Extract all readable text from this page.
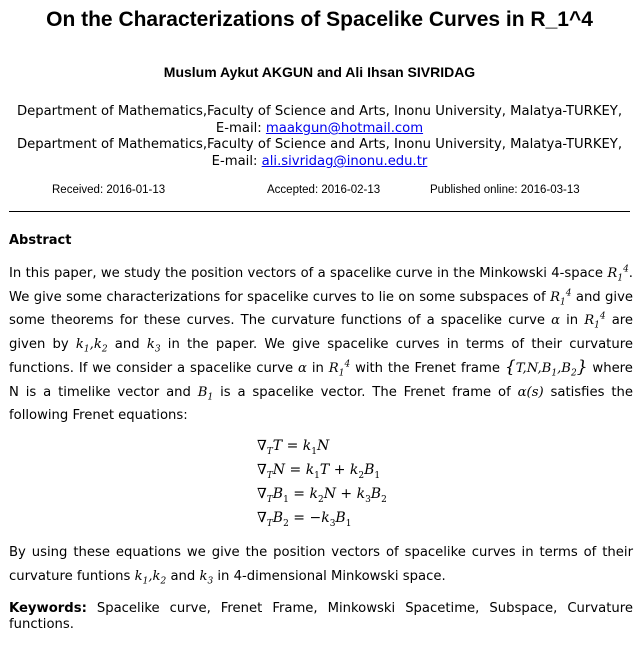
On the Characterizations of Spacelike Curves in R_1^4
Muslum Aykut AKGUN and Ali Ihsan SIVRIDAG
Department of Mathematics,Faculty of Science and Arts, Inonu University, Malatya-TURKEY,
E-mail: maakgun@hotmail.com
Department of Mathematics,Faculty of Science and Arts, Inonu University, Malatya-TURKEY,
E-mail: ali.sivridag@inonu.edu.tr
Received: 2016-01-13	Accepted: 2016-02-13	Published online: 2016-03-13
Abstract
In this paper, we study the position vectors of a spacelike curve in the Minkowski 4-space $R_1^4$. We give some characterizations for spacelike curves to lie on some subspaces of $R_1^4$ and give some theorems for these curves. The curvature functions of a spacelike curve α in $R_1^4$ are given by $k_1,k_2$ and $k_3$ in the paper. We give spacelike curves in terms of their curvature functions. If we consider a spacelike curve α in $R_1^4$ with the Frenet frame $\{T,N,B_1,B_2\}$ where N is a timelike vector and $B_1$ is a spacelike vector. The Frenet frame of α(s) satisfies the following Frenet equations:
$\nabla_TT = k_1N$
$\nabla_TN = k_1T + k_2B_1$
$\nabla_TB_1 = k_2N + k_3B_2$
$\nabla_TB_2 = -k_3B_1$
By using these equations we give the position vectors of spacelike curves in terms of their curvature funtions $k_1,k_2$ and $k_3$ in 4-dimensional Minkowski space.
Keywords: Spacelike curve, Frenet Frame, Minkowski Spacetime, Subspace, Curvature functions.
